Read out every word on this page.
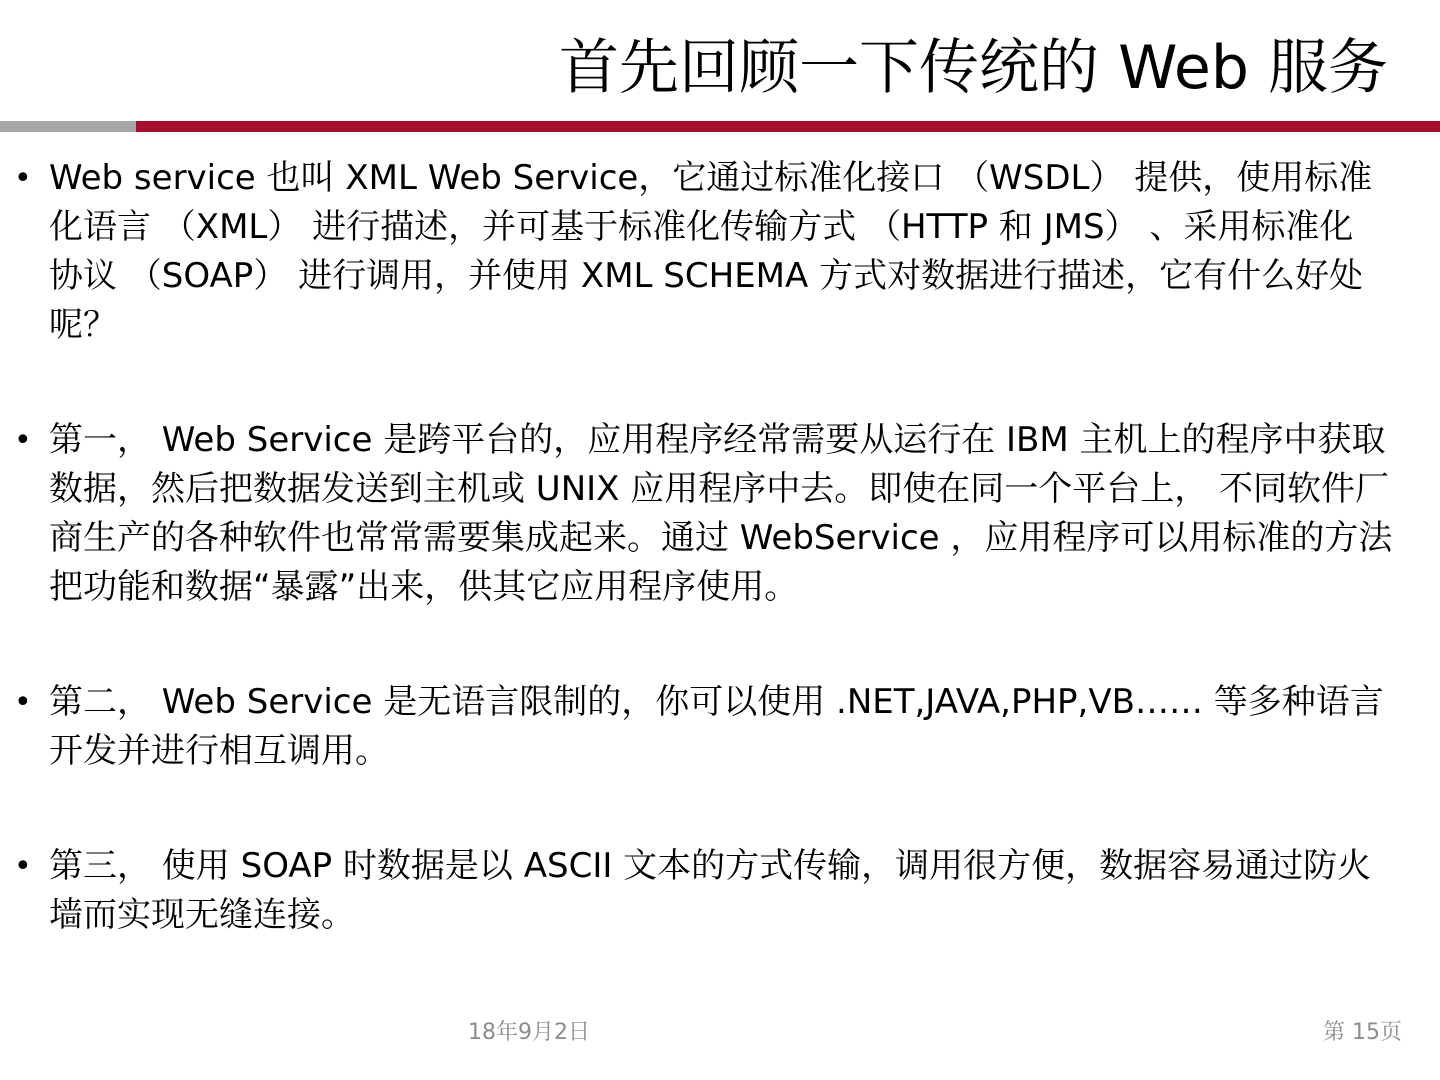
首先回顾一下传统的 Web 服务
• Web service 也叫 XML Web Service，它通过标准化接口 （WSDL） 提供，使用标准化语言 （XML） 进行描述，并可基于标准化传输方式 （HTTP 和 JMS） 、采用标准化 协议 （SOAP） 进行调用，并使用 XML SCHEMA 方式对数据进行描述，它有什么好处呢？
• 第一， Web Service 是跨平台的，应用程序经常需要从运行在 IBM 主机上的程序中获取数据，然后把数据发送到主机或 UNIX 应用程序中去。即使在同一个平台上， 不同软件厂商生产的各种软件也常常需要集成起来。通过 WebService ，应用程序可以用标准的方法把功能和数据“暴露”出来，供其它应用程序使用。
• 第二， Web Service 是无语言限制的，你可以使用 .NET,JAVA,PHP,VB…… 等多种语言开发并进行相互调用。
• 第三， 使用 SOAP 时数据是以 ASCII 文本的方式传输，调用很方便，数据容易通过防火墙而实现无缝连接。
18年9月2日	第 15页
